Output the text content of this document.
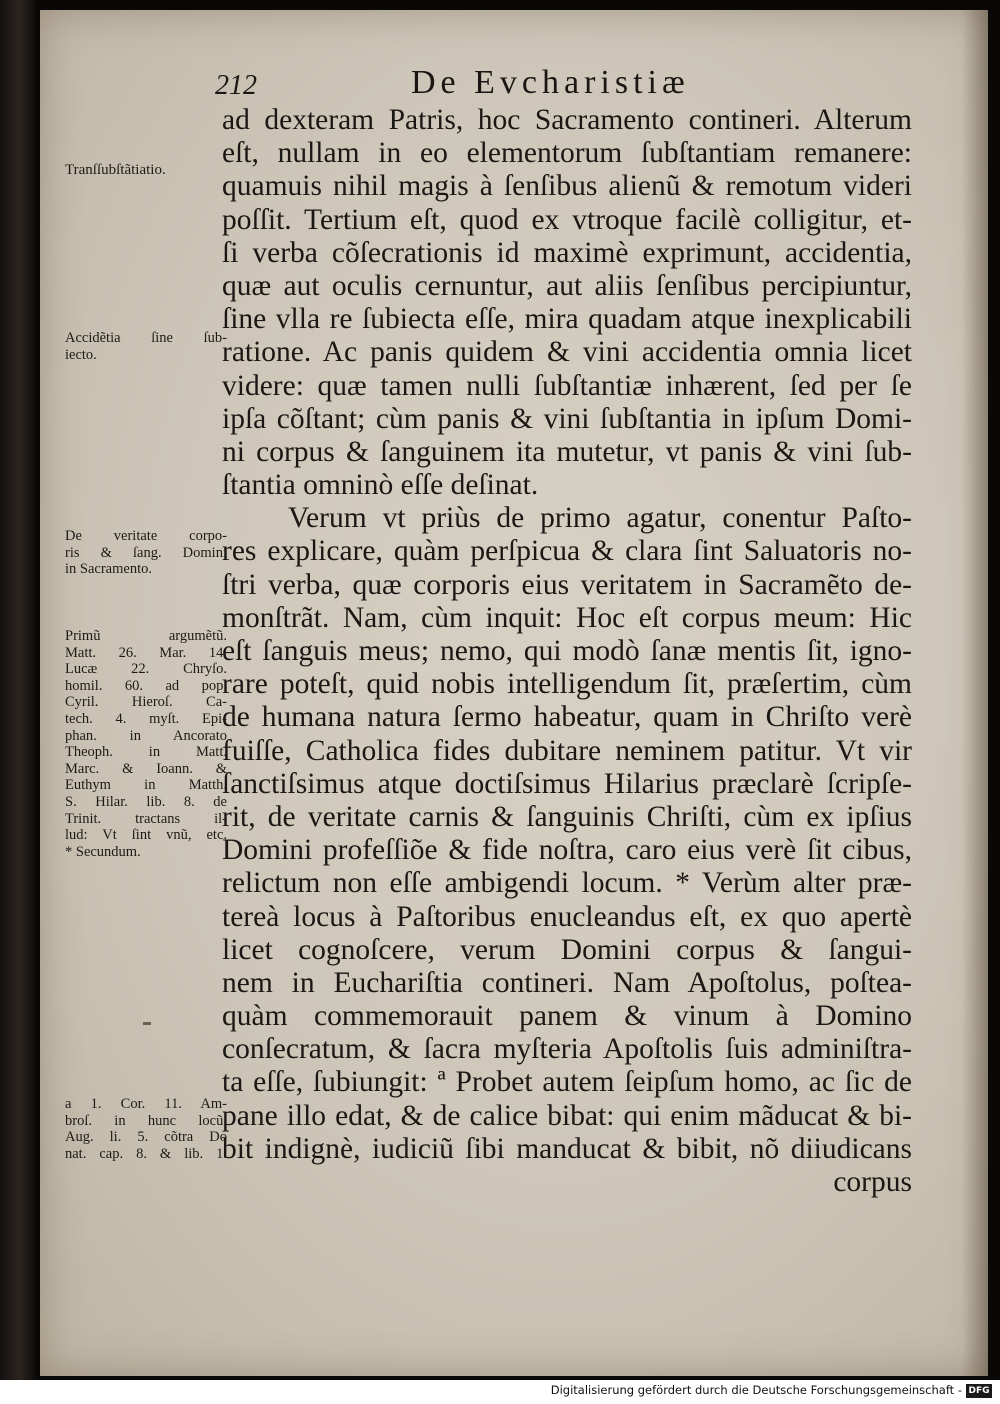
212	De Evcharistiæ
ad dexteram Patris, hoc Sacramento contineri. Alterum
eſt, nullam in eo elementorum ſubſtantiam remanere:
quamuis nihil magis à ſenſibus alienũ & remotum videri
poſſit. Tertium eſt, quod ex vtroque facilè colligitur, et-
ſi verba cõſecrationis id maximè exprimunt, accidentia,
quæ aut oculis cernuntur, aut aliis ſenſibus percipiuntur,
ſine vlla re ſubiecta eſſe, mira quadam atque inexplicabili
ratione. Ac panis quidem & vini accidentia omnia licet
videre: quæ tamen nulli ſubſtantiæ inhærent, ſed per ſe
ipſa cõſtant; cùm panis & vini ſubſtantia in ipſum Domi-
ni corpus & ſanguinem ita mutetur, vt panis & vini ſub-
ſtantia omninò eſſe deſinat.
Verum vt priùs de primo agatur, conentur Paſto-
res explicare, quàm perſpicua & clara ſint Saluatoris no-
ſtri verba, quæ corporis eius veritatem in Sacramẽto de-
monſtrãt. Nam, cùm inquit: Hoc eſt corpus meum: Hic
eſt ſanguis meus; nemo, qui modò ſanæ mentis ſit, igno-
rare poteſt, quid nobis intelligendum ſit, præſertim, cùm
de humana natura ſermo habeatur, quam in Chriſto verè
fuiſſe, Catholica fides dubitare neminem patitur. Vt vir
ſanctiſsimus atque doctiſsimus Hilarius præclarè ſcripſe-
rit, de veritate carnis & ſanguinis Chriſti, cùm ex ipſius
Domini profeſſiõe & fide noſtra, caro eius verè ſit cibus,
relictum non eſſe ambigendi locum. * Verùm alter præ-
tereà locus à Paſtoribus enucleandus eſt, ex quo apertè
licet cognoſcere, verum Domini corpus & ſangui-
nem in Euchariſtia contineri. Nam Apoſtolus, poſtea-
quàm commemorauit panem & vinum à Domino
conſecratum, & ſacra myſteria Apoſtolis ſuis adminiſtra-
ta eſſe, ſubiungit: ª Probet autem ſeipſum homo, ac ſic de
pane illo edat, & de calice bibat: qui enim mãducat & bi-
bit indignè, iudiciũ ſibi manducat & bibit, nõ diiudicans
corpus
Tranſſubſtãtiatio.
Accidẽtia ſine ſub-
iecto.
De veritate corpo-
ris & ſang. Domini
in Sacramento.
Primũ argumẽtũ.
Matt. 26. Mar. 14.
Lucæ 22. Chryſo.
homil. 60. ad pop.
Cyril. Hieroſ. Ca-
tech. 4. myſt. Epi-
phan. in Ancorato
Theoph. in Matt.
Marc. & Ioann. &
Euthym in Matth.
S. Hilar. lib. 8. de
Trinit. tractans il-
lud: Vt ſint vnũ, etc.
* Secundum.
a 1. Cor. 11. Am-
broſ. in hunc locũ.
Aug. li. 5. cõtra Do
nat. cap. 8. & lib. 1.
Digitalisierung gefördert durch die Deutsche Forschungsgemeinschaft - DFG
